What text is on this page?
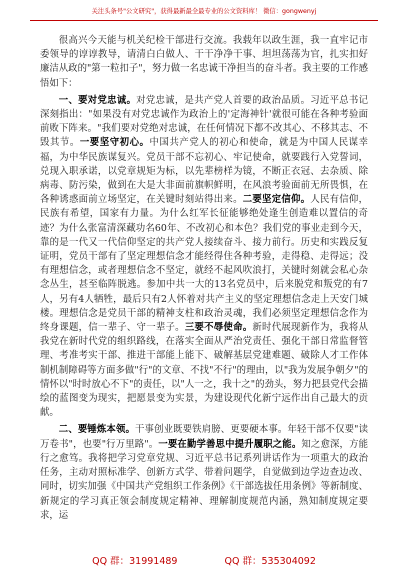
关注头条号"公文研究"，获得最新最全最专业的公文资料库！ 微信：gongwenyj

很高兴今天能与机关纪检干部进行交流。我载年以政生涯，我一直牢记市委领导的谆谆教导，请清白白做人、干干净净干事、坦坦荡荡为官，扎实扣好廉洁从政的"第一粒扣子"，努力做一名忠诚干净担当的奋斗者。我主要的工作感悟如下：

一、要对党忠诚。对党忠诚，是共产党人首要的政治品质。习近平总书记深刻指出："如果没有对党忠诚作为政治上的'定海神针'就很可能在各种考验面前败下阵来。"我们要对党绝对忠诚，在任何情况下都不改其心、不移其志、不毁其节。一要坚守初心。中国共产党人的初心和使命，就是为中国人民谋幸福，为中华民族谋复兴。党员干部不忘初心、牢记使命，就要践行入党誓词，兑现入职承诺，以党章规矩为标，以先辈榜样为镜，不断正衣冠、去杂质、除病毒、防污染，做到在大是大非面前旗帜鲜明，在风浪考验面前无所畏惧，在各种诱惑面前立场坚定，在关键时刻站得出来。二要坚定信仰。人民有信仰，民族有希望，国家有力量。为什么红军长征能够绝处逢生创造难以置信的奇迹？为什么张富清深藏功名60年、不改初心和本色？我们党的事业走到今天，靠的是一代又一代信仰坚定的共产党人接续奋斗、接力前行。历史和实践反复证明，党员干部有了坚定理想信念才能经得住各种考验，走得稳、走得远；没有理想信念，或者理想信念不坚定，就经不起风吹浪打，关键时刻就会私心杂念丛生，甚至临阵脱逃。参加中共一大的13名党员中，后来脱党和叛党的有7人，另有4人牺牲，最后只有2人怀着对共产主义的坚定理想信念走上天安门城楼。理想信念是党员干部的精神支柱和政治灵魂，我们必须坚定理想信念作为终身课题，信一辈子、守一辈子。三要不辱使命。新时代展现新作为，我将从我党在新时代党的组织路线，在落实全面从严治党责任、强化干部日常监督管理、考准考实干部、推进干部能上能下、破解基层党建难题、破除人才工作体制机制障碍等方面多做"行"的文章、不找"不行"的理由，以"我为发展争朝夕"的情怀以"时时放心不下"的责任，以"人一之，我十之"的劲头，努力把县党代会描绘的蓝图变为现实，把愿景变为实景，为建设现代化新宁远作出自己最大的贡献。

二、要锤炼本领。干事创业既要铁肩膀、更要硬本事。年轻干部不仅要"读万卷书"，也要"行万里路"。一要在勤学善思中提升履职之能。知之愈深，方能行之愈笃。我将把学习党章党规、习近平总书记系列讲话作为一项重大的政治任务，主动对照标准学、创新方式学、带着问题学，自觉做到边学边查边改、同时，切实加强《中国共产党组织工作条例》《干部选拔任用条例》等新制度、新规定的学习真正领会制度规定精神、理解制度规范内涵，熟知制度规定要求，运

QQ 群：31991489	QQ 群：535304092
